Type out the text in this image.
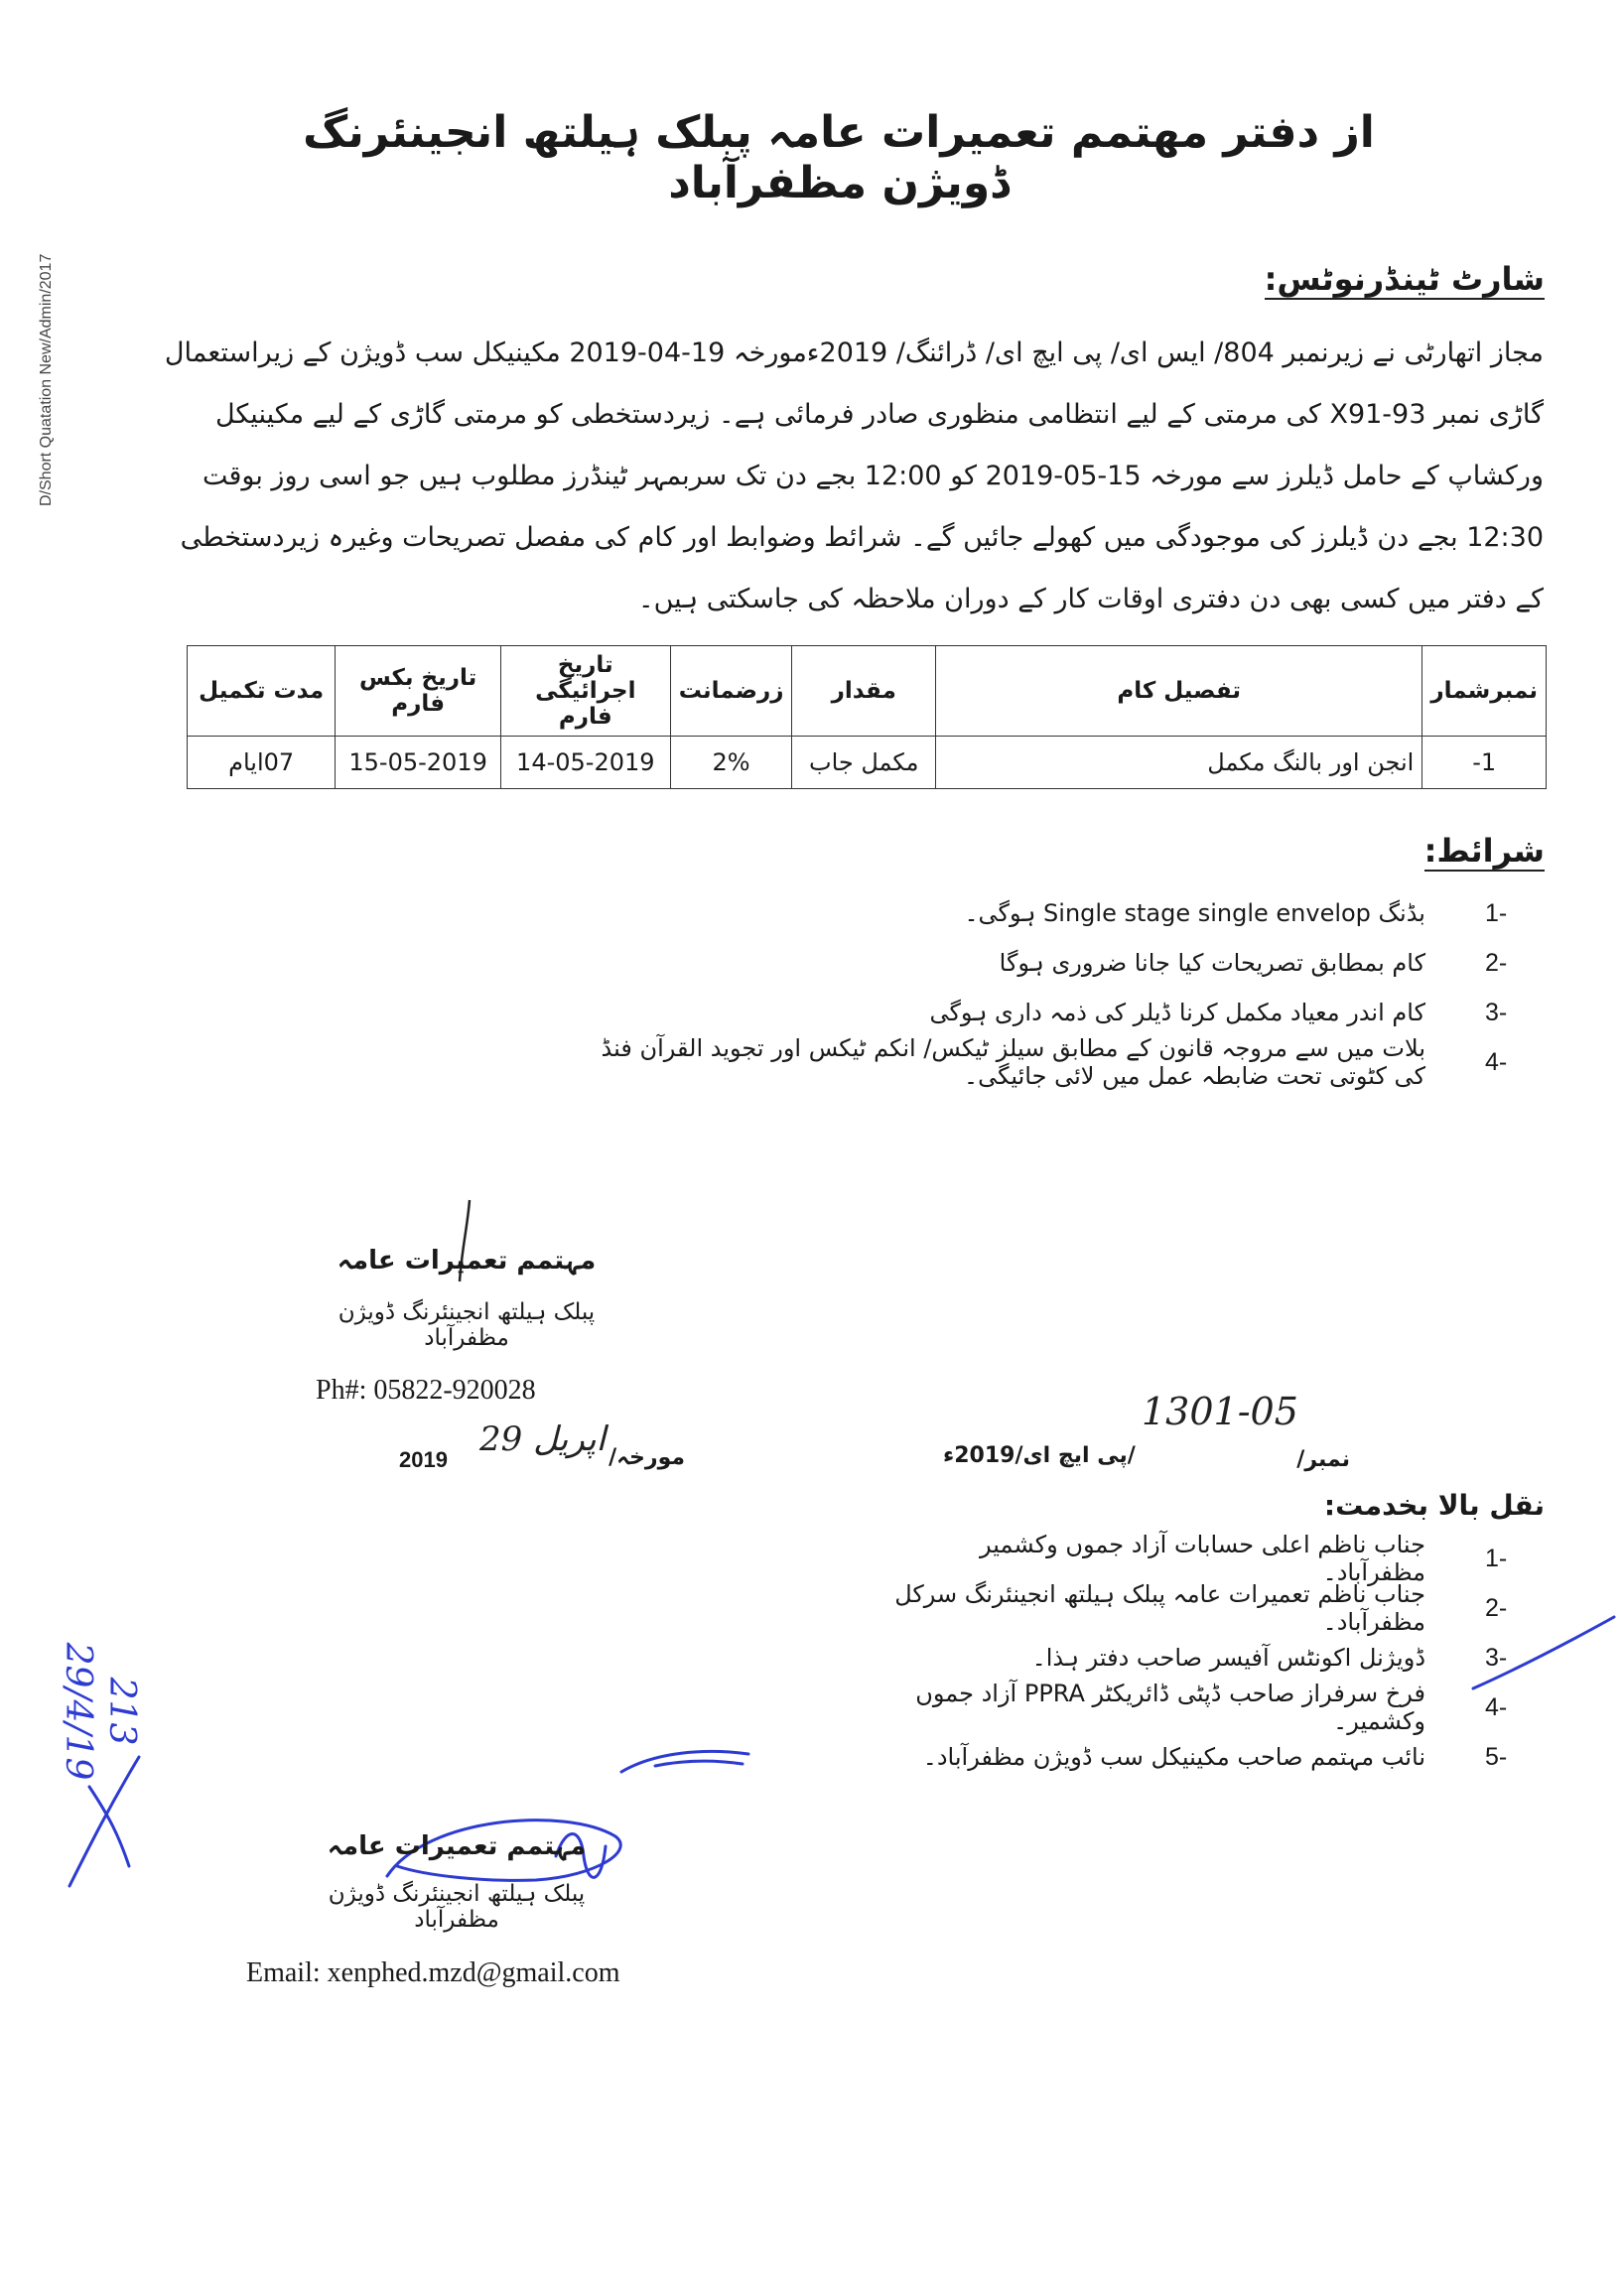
D/Short Quatation New/Admin/2017
از دفتر مهتمم تعمیرات عامہ پبلک ہیلتھ انجینئرنگ ڈویژن مظفرآباد
شارٹ ٹینڈرنوٹس:
مجاز اتھارٹی نے زیرنمبر 804/ ایس ای/ پی ایچ ای/ ڈرائنگ/ 2019ءمورخہ 19-04-2019 مکینیکل سب ڈویژن کے زیراستعمال گاڑی نمبر X91-93 کی مرمتی کے لیے انتظامی منظوری صادر فرمائی ہے۔ زیردستخطی کو مرمتی گاڑی کے لیے مکینیکل ورکشاپ کے حامل ڈیلرز سے مورخہ 15-05-2019 کو 12:00 بجے دن تک سربمہر ٹینڈرز مطلوب ہیں جو اسی روز بوقت 12:30 بجے دن ڈیلرز کی موجودگی میں کھولے جائیں گے۔ شرائط وضوابط اور کام کی مفصل تصریحات وغیرہ زیردستخطی کے دفتر میں کسی بھی دن دفتری اوقات کار کے دوران ملاحظہ کی جاسکتی ہیں۔
نمبرشمار	تفصیل کام	مقدار	زرضمانت	تاریخ اجرائیگی فارم	تاریخ بکس فارم	مدت تکمیل
1-	انجن اور بالنگ مکمل	مکمل جاب	2%	14-05-2019	15-05-2019	07ایام
شرائط:
بڈنگ Single stage single envelop ہوگی۔	1-
کام بمطابق تصریحات کیا جانا ضروری ہوگا	2-
کام اندر معیاد مکمل کرنا ڈیلر کی ذمہ داری ہوگی	3-
بلات میں سے مروجہ قانون کے مطابق سیلز ٹیکس/ انکم ٹیکس اور تجوید القرآن فنڈ کی کٹوتی تحت ضابطہ عمل میں لائی جائیگی۔
4-
مہتمم تعمیرات عامہ
پبلک ہیلتھ انجینئرنگ ڈویژن مظفرآباد
Ph#: 05822-920028
مورخہ/
اپریل 29
2019
1301-05
نمبر/
/پی ایچ ای/2019ء
نقل بالا بخدمت:
جناب ناظم اعلی حسابات آزاد جموں وکشمیر مظفرآباد۔
1-
جناب ناظم تعمیرات عامہ پبلک ہیلتھ انجینئرنگ سرکل مظفرآباد۔
2-
ڈویژنل اکونٹس آفیسر صاحب دفتر ہذا۔	3-
فرخ سرفراز صاحب ڈپٹی ڈائریکٹر PPRA آزاد جموں وکشمیر۔
4-
نائب مہتمم صاحب مکینیکل سب ڈویژن مظفرآباد۔	5-
213
29/4/19
مہتمم تعمیرات عامہ
پبلک ہیلتھ انجینئرنگ ڈویژن مظفرآباد
Email: xenphed.mzd@gmail.com
